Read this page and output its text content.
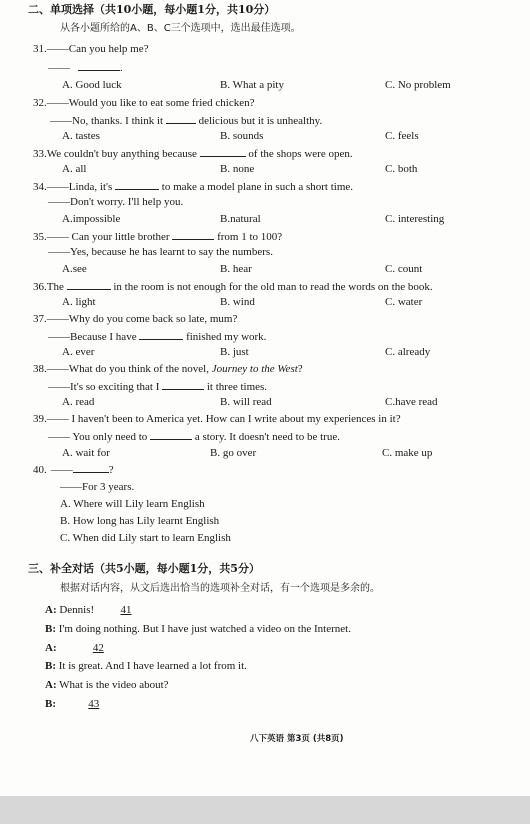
二、单项选择（共10小题，每小题1分，共10分）
从各小题所给的A、B、C三个选项中，选出最佳选项。
31.——Can you help me?
——	.
A. Good luck	B. What a pity	C. No problem
32.——Would you like to eat some fried chicken?
——No, thanks. I think it	delicious but it is unhealthy.
A. tastes	B. sounds	C. feels
33.We couldn't buy anything because	of the shops were open.
A. all	B. none	C. both
34.——Linda, it's	to make a model plane in such a short time.
——Don't worry. I'll help you.
A.impossible	B.natural	C. interesting
35.—— Can your little brother	from 1 to 100?
——Yes, because he has learnt to say the numbers.
A.see	B. hear	C. count
36.The	in the room is not enough for the old man to read the words on the book.
A. light	B. wind	C. water
37.——Why do you come back so late, mum?
——Because I have	finished my work.
A. ever	B. just	C. already
38.——What do you think of the novel, Journey to the West?
——It's so exciting that I	it three times.
A. read	B. will read	C.have read
39.—— I haven't been to America yet. How can I write about my experiences in it?
—— You only need to	a story. It doesn't need to be true.
A. wait for	B. go over	C. make up
40. ——	?
——For 3 years.
A. Where will Lily learn English
B. How long has Lily learnt English
C. When did Lily start to learn English
三、补全对话（共5小题，每小题1分，共5分）
根据对话内容，从文后选出恰当的选项补全对话，有一个选项是多余的。
A: Dennis! 41
B: I'm doing nothing. But I have just watched a video on the Internet.
A:	42
B: It is great. And I have learned a lot from it.
A: What is the video about?
B:	43
八下英语 第3页 (共8页)
